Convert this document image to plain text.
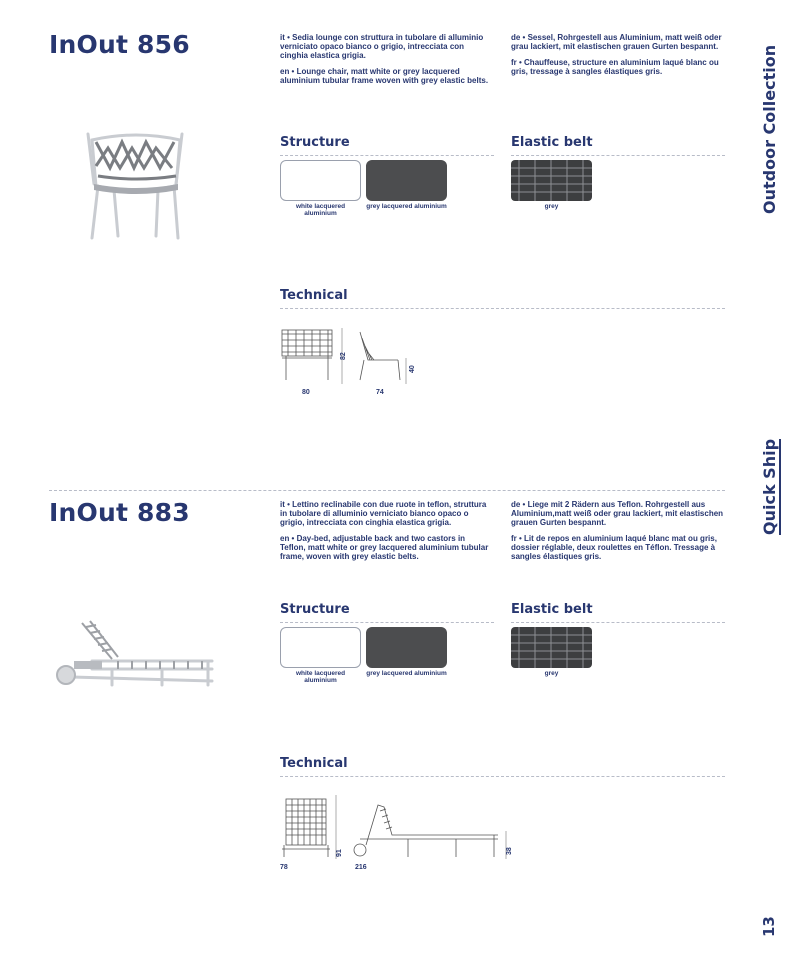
InOut 856	it • Sedia lounge con struttura in tubolare di alluminio verniciato opaco bianco o grigio, intrecciata con cinghia elastica grigia.

en • Lounge chair, matt white or grey lacquered aluminium tubular frame woven with grey elastic belts.

de • Sessel, Rohrgestell aus Aluminium, matt weiß oder grau lackiert, mit elastischen grauen Gurten bespannt.

fr • Chauffeuse, structure en aluminium laqué blanc ou gris, tressage à sangles élastiques gris.

Structure	Elastic belt
white lacquered aluminium
grey lacquered aluminium	grey
Technical
80
82
74
40
InOut 883	it • Lettino reclinabile con due ruote in teflon, struttura in tubolare di alluminio verniciato bianco opaco o grigio, intrecciata con cinghia elastica grigia.

en • Day-bed, adjustable back and two castors in Teflon, matt white or grey lacquered aluminium tubular frame, woven with grey elastic belts.

de • Liege mit 2 Rädern aus Teflon. Rohrgestell aus Aluminium,matt weiß oder grau lackiert, mit elastischen grauen Gurten bespannt.

fr • Lit de repos en aluminium laqué blanc mat ou gris, dossier réglable, deux roulettes en Téflon. Tressage à sangles élastiques gris.

Structure	Elastic belt
white lacquered aluminium
grey lacquered aluminium	grey
Technical
78
91
216
38
Outdoor Collection
Quick Ship
13
